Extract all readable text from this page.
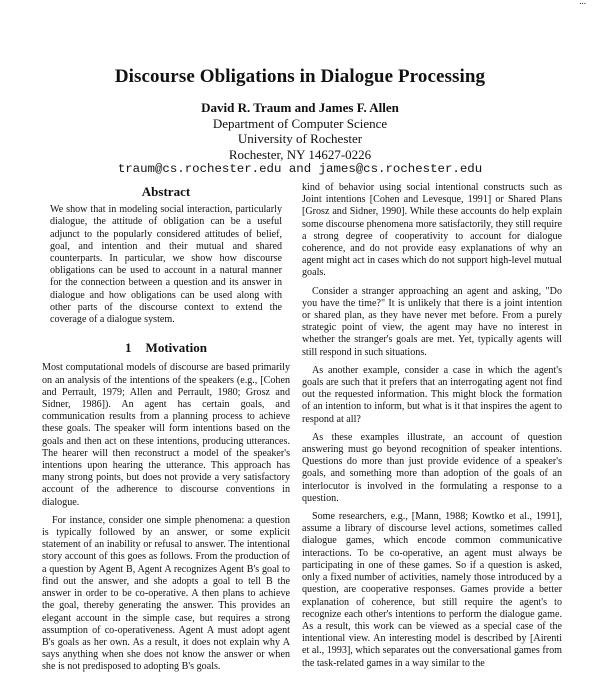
...
Discourse Obligations in Dialogue Processing
David R. Traum and James F. Allen
Department of Computer Science
University of Rochester
Rochester, NY 14627-0226
traum@cs.rochester.edu and james@cs.rochester.edu
Abstract

We show that in modeling social interaction, particularly dialogue, the attitude of obligation can be a useful adjunct to the popularly considered attitudes of belief, goal, and intention and their mutual and shared counterparts. In particular, we show how discourse obligations can be used to account in a natural manner for the connection between a question and its answer in dialogue and how obligations can be used along with other parts of the discourse context to extend the coverage of a dialogue system.

1 Motivation

Most computational models of discourse are based primarily on an analysis of the intentions of the speakers (e.g., [Cohen and Perrault, 1979; Allen and Perrault, 1980; Grosz and Sidner, 1986]). An agent has certain goals, and communication results from a planning process to achieve these goals. The speaker will form intentions based on the goals and then act on these intentions, producing utterances. The hearer will then reconstruct a model of the speaker's intentions upon hearing the utterance. This approach has many strong points, but does not provide a very satisfactory account of the adherence to discourse conventions in dialogue.

For instance, consider one simple phenomena: a question is typically followed by an answer, or some explicit statement of an inability or refusal to answer. The intentional story account of this goes as follows. From the production of a question by Agent B, Agent A recognizes Agent B's goal to find out the answer, and she adopts a goal to tell B the answer in order to be co-operative. A then plans to achieve the goal, thereby generating the answer. This provides an elegant account in the simple case, but requires a strong assumption of co-operativeness. Agent A must adopt agent B's goals as her own. As a result, it does not explain why A says anything when she does not know the answer or when she is not predisposed to adopting B's goals.

kind of behavior using social intentional constructs such as Joint intentions [Cohen and Levesque, 1991] or Shared Plans [Grosz and Sidner, 1990]. While these accounts do help explain some discourse phenomena more satisfactorily, they still require a strong degree of cooperativity to account for dialogue coherence, and do not provide easy explanations of why an agent might act in cases which do not support high-level mutual goals.

Consider a stranger approaching an agent and asking, "Do you have the time?" It is unlikely that there is a joint intention or shared plan, as they have never met before. From a purely strategic point of view, the agent may have no interest in whether the stranger's goals are met. Yet, typically agents will still respond in such situations.

As another example, consider a case in which the agent's goals are such that it prefers that an interrogating agent not find out the requested information. This might block the formation of an intention to inform, but what is it that inspires the agent to respond at all?

As these examples illustrate, an account of question answering must go beyond recognition of speaker intentions. Questions do more than just provide evidence of a speaker's goals, and something more than adoption of the goals of an interlocutor is involved in the formulating a response to a question.

Some researchers, e.g., [Mann, 1988; Kowtko et al., 1991], assume a library of discourse level actions, sometimes called dialogue games, which encode common communicative interactions. To be co-operative, an agent must always be participating in one of these games. So if a question is asked, only a fixed number of activities, namely those introduced by a question, are cooperative responses. Games provide a better explanation of coherence, but still require the agent's to recognize each other's intentions to perform the dialogue game. As a result, this work can be viewed as a special case of the intentional view. An interesting model is described by [Airenti et al., 1993], which separates out the conversational games from the task-related games in a way similar to the
